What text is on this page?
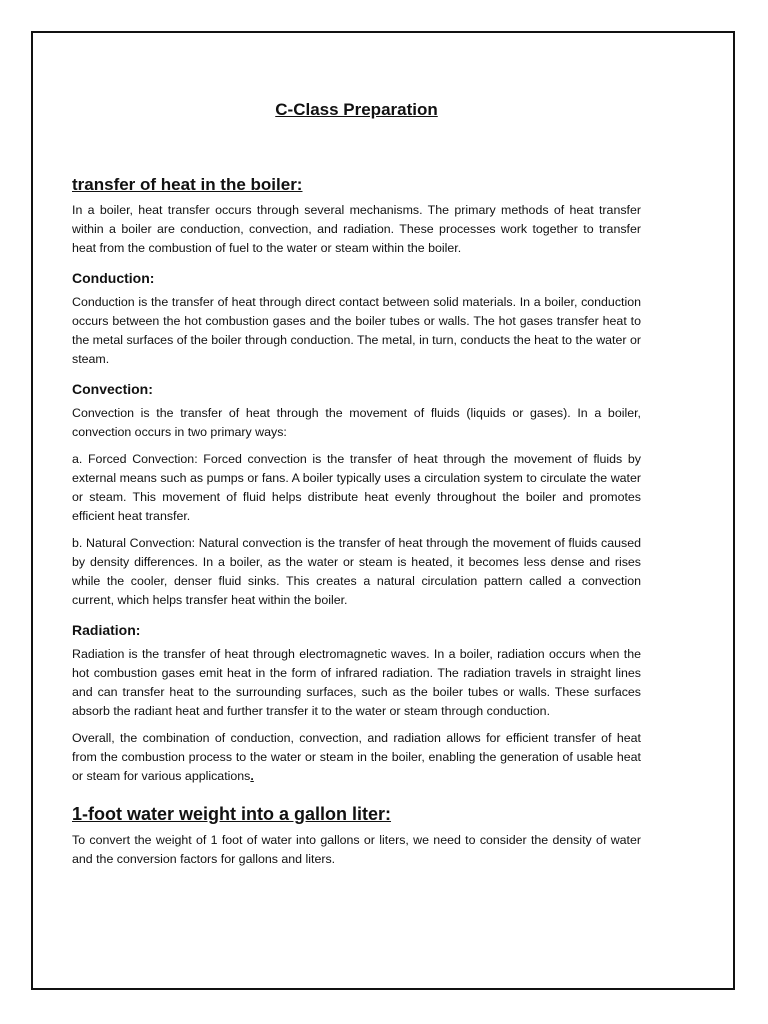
C-Class Preparation
transfer of heat in the boiler:

In a boiler, heat transfer occurs through several mechanisms. The primary methods of heat transfer within a boiler are conduction, convection, and radiation. These processes work together to transfer heat from the combustion of fuel to the water or steam within the boiler.

Conduction:

Conduction is the transfer of heat through direct contact between solid materials. In a boiler, conduction occurs between the hot combustion gases and the boiler tubes or walls. The hot gases transfer heat to the metal surfaces of the boiler through conduction. The metal, in turn, conducts the heat to the water or steam.

Convection:

Convection is the transfer of heat through the movement of fluids (liquids or gases). In a boiler, convection occurs in two primary ways:

a. Forced Convection: Forced convection is the transfer of heat through the movement of fluids by external means such as pumps or fans. A boiler typically uses a circulation system to circulate the water or steam. This movement of fluid helps distribute heat evenly throughout the boiler and promotes efficient heat transfer.

b. Natural Convection: Natural convection is the transfer of heat through the movement of fluids caused by density differences. In a boiler, as the water or steam is heated, it becomes less dense and rises while the cooler, denser fluid sinks. This creates a natural circulation pattern called a convection current, which helps transfer heat within the boiler.

Radiation:

Radiation is the transfer of heat through electromagnetic waves. In a boiler, radiation occurs when the hot combustion gases emit heat in the form of infrared radiation. The radiation travels in straight lines and can transfer heat to the surrounding surfaces, such as the boiler tubes or walls. These surfaces absorb the radiant heat and further transfer it to the water or steam through conduction.

Overall, the combination of conduction, convection, and radiation allows for efficient transfer of heat from the combustion process to the water or steam in the boiler, enabling the generation of usable heat or steam for various applications.

1-foot water weight into a gallon liter:

To convert the weight of 1 foot of water into gallons or liters, we need to consider the density of water and the conversion factors for gallons and liters.
